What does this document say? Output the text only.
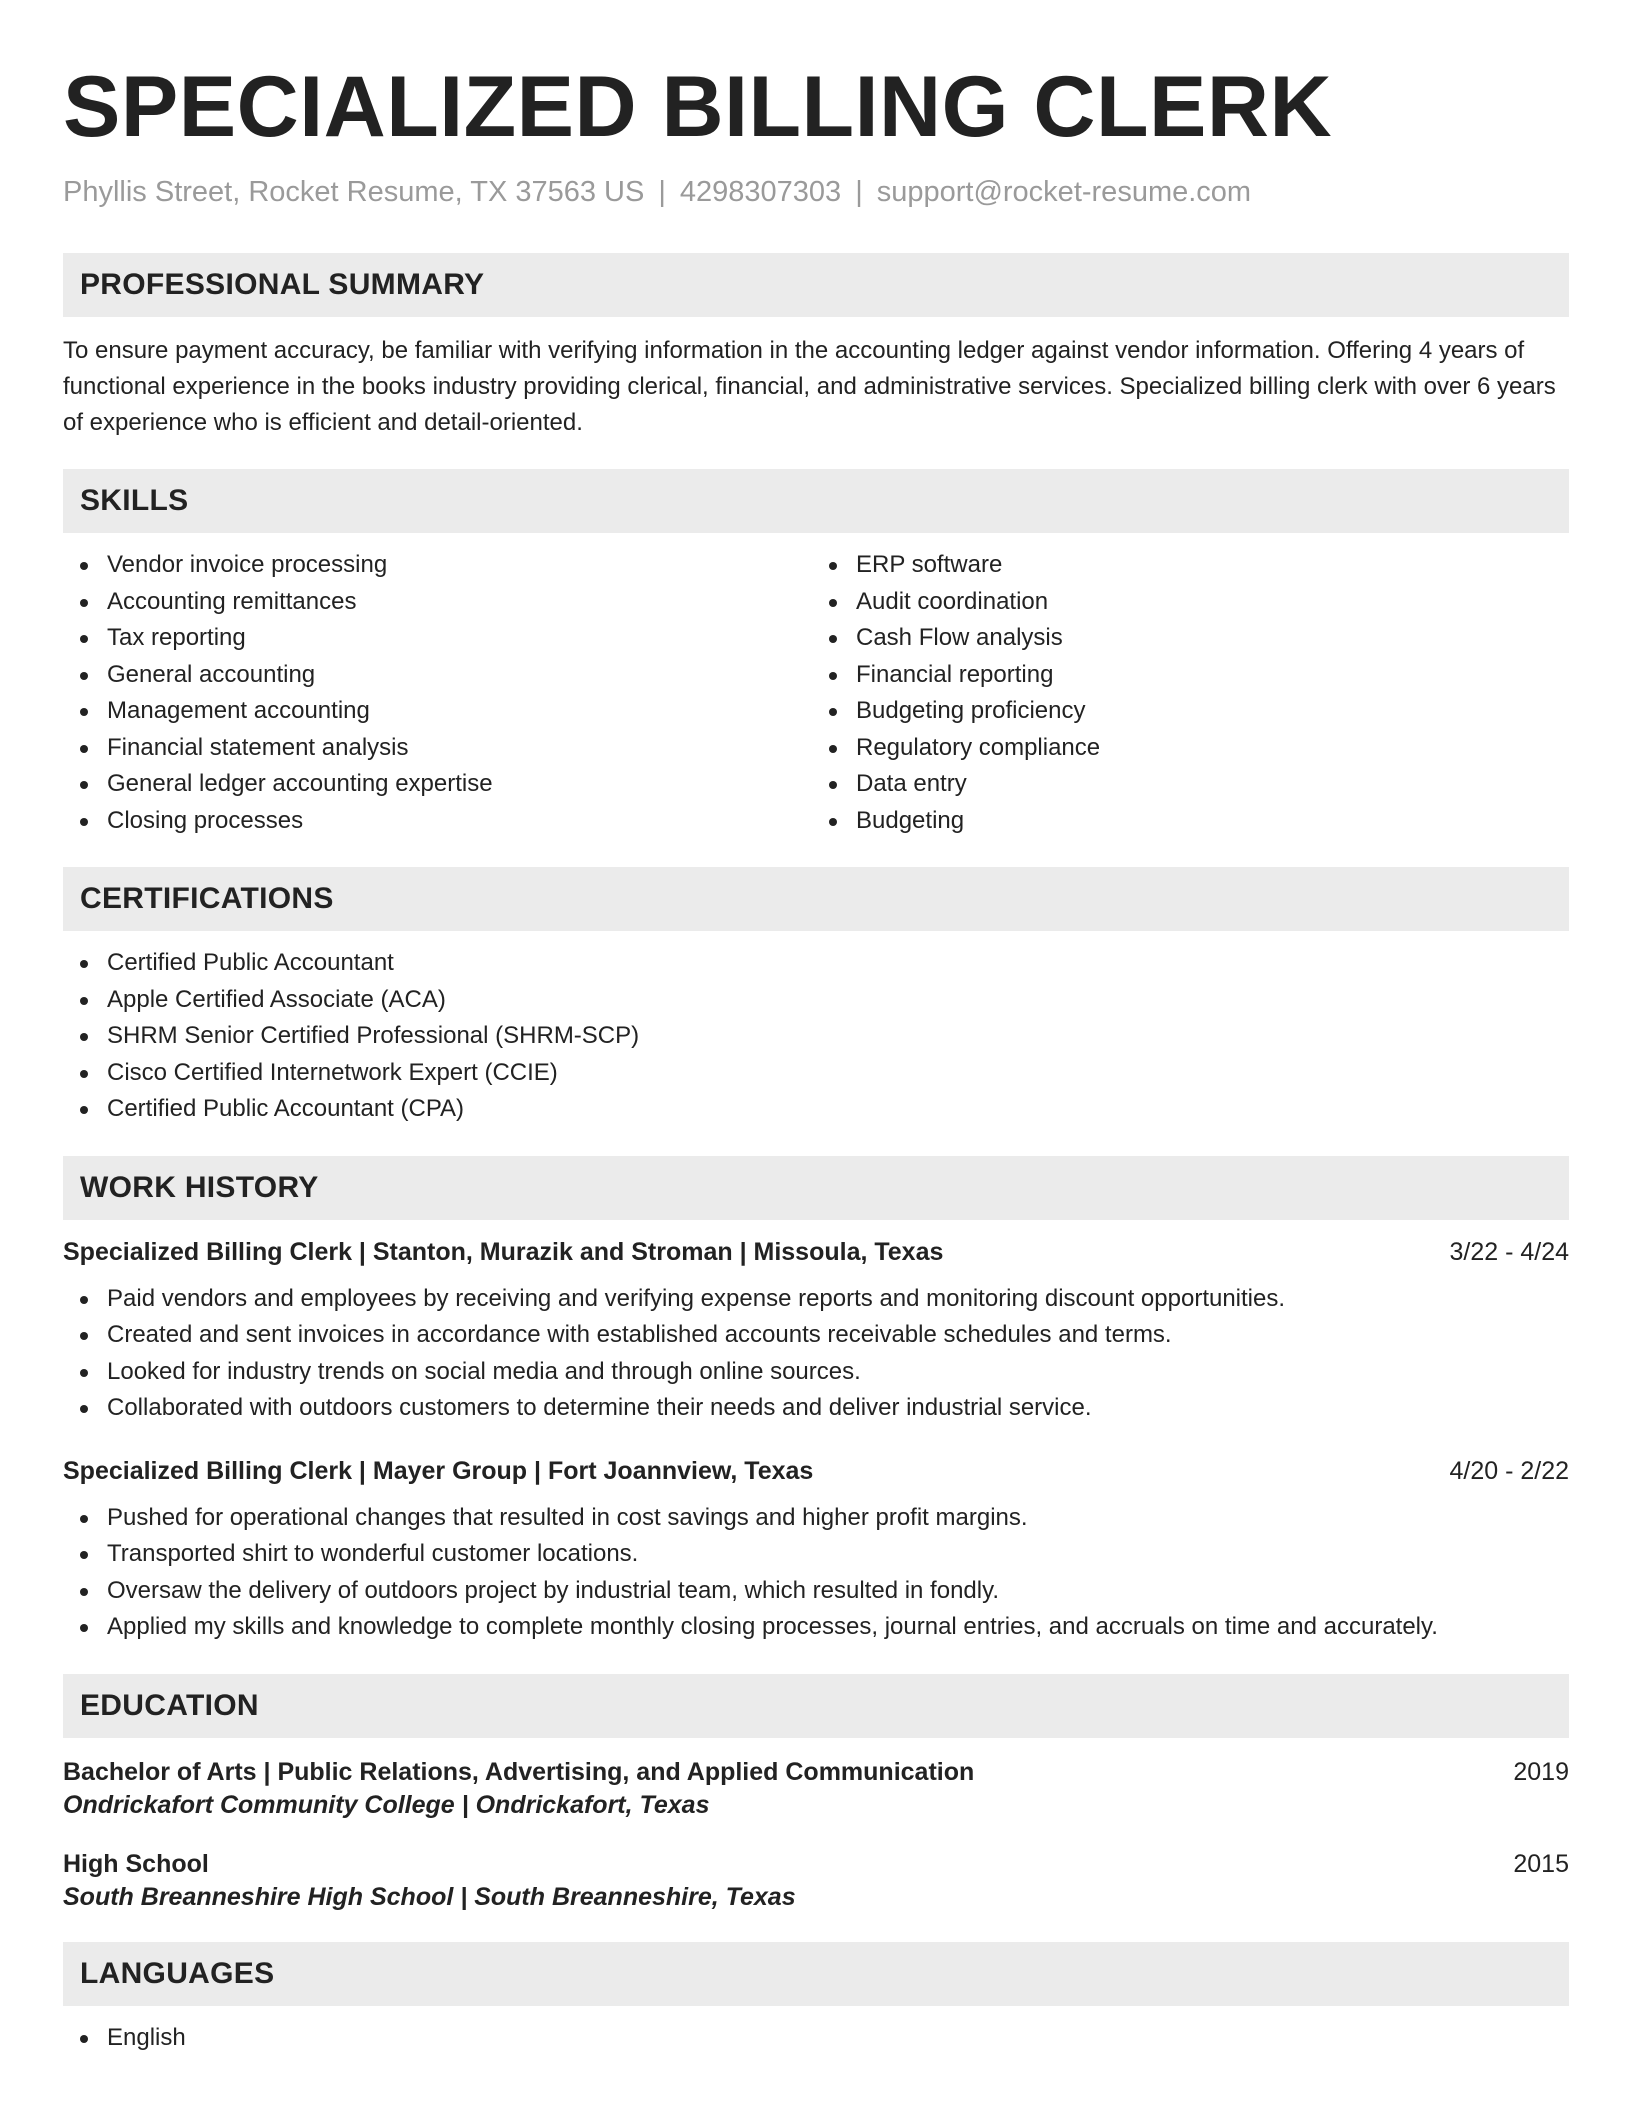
SPECIALIZED BILLING CLERK
Phyllis Street, Rocket Resume, TX 37563 US | 4298307303 | support@rocket-resume.com
PROFESSIONAL SUMMARY

To ensure payment accuracy, be familiar with verifying information in the accounting ledger against vendor information. Offering 4 years of functional experience in the books industry providing clerical, financial, and administrative services. Specialized billing clerk with over 6 years of experience who is efficient and detail-oriented.

SKILLS
Vendor invoice processing
Accounting remittances
Tax reporting
General accounting
Management accounting
Financial statement analysis
General ledger accounting expertise
Closing processes
ERP software
Audit coordination
Cash Flow analysis
Financial reporting
Budgeting proficiency
Regulatory compliance
Data entry
Budgeting
CERTIFICATIONS
Certified Public Accountant
Apple Certified Associate (ACA)
SHRM Senior Certified Professional (SHRM-SCP)
Cisco Certified Internetwork Expert (CCIE)
Certified Public Accountant (CPA)
WORK HISTORY
Specialized Billing Clerk | Stanton, Murazik and Stroman | Missoula, Texas	3/22 - 4/24
Paid vendors and employees by receiving and verifying expense reports and monitoring discount opportunities.
Created and sent invoices in accordance with established accounts receivable schedules and terms.
Looked for industry trends on social media and through online sources.
Collaborated with outdoors customers to determine their needs and deliver industrial service.
Specialized Billing Clerk | Mayer Group | Fort Joannview, Texas	4/20 - 2/22
Pushed for operational changes that resulted in cost savings and higher profit margins.
Transported shirt to wonderful customer locations.
Oversaw the delivery of outdoors project by industrial team, which resulted in fondly.
Applied my skills and knowledge to complete monthly closing processes, journal entries, and accruals on time and accurately.
EDUCATION
Bachelor of Arts | Public Relations, Advertising, and Applied Communication	2019
Ondrickafort Community College | Ondrickafort, Texas
High School	2015
South Breanneshire High School | South Breanneshire, Texas
LANGUAGES
English
